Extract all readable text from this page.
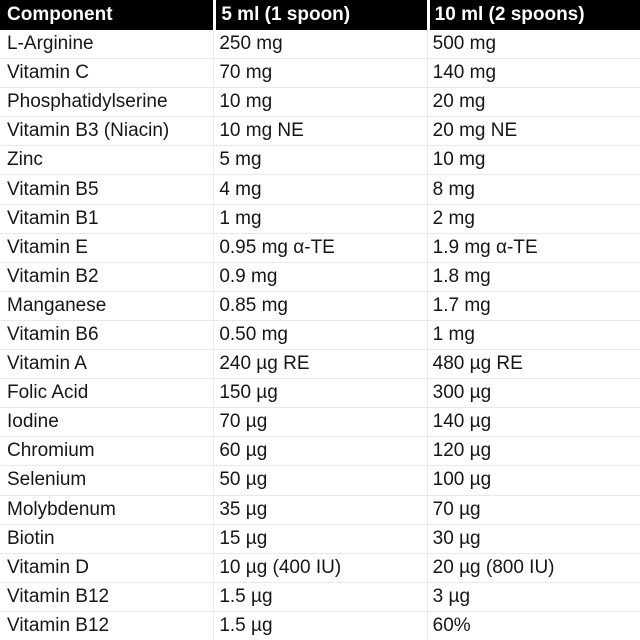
Component	5 ml (1 spoon)	10 ml (2 spoons)
L-Arginine	250 mg	500 mg
Vitamin C	70 mg	140 mg
Phosphatidylserine	10 mg	20 mg
Vitamin B3 (Niacin)	10 mg NE	20 mg NE
Zinc	5 mg	10 mg
Vitamin B5	4 mg	8 mg
Vitamin B1	1 mg	2 mg
Vitamin E	0.95 mg α-TE	1.9 mg α-TE
Vitamin B2	0.9 mg	1.8 mg
Manganese	0.85 mg	1.7 mg
Vitamin B6	0.50 mg	1 mg
Vitamin A	240 µg RE	480 µg RE
Folic Acid	150 µg	300 µg
Iodine	70 µg	140 µg
Chromium	60 µg	120 µg
Selenium	50 µg	100 µg
Molybdenum	35 µg	70 µg
Biotin	15 µg	30 µg
Vitamin D	10 µg (400 IU)	20 µg (800 IU)
Vitamin B12	1.5 µg	3 µg
Vitamin B12	1.5 µg	60%
